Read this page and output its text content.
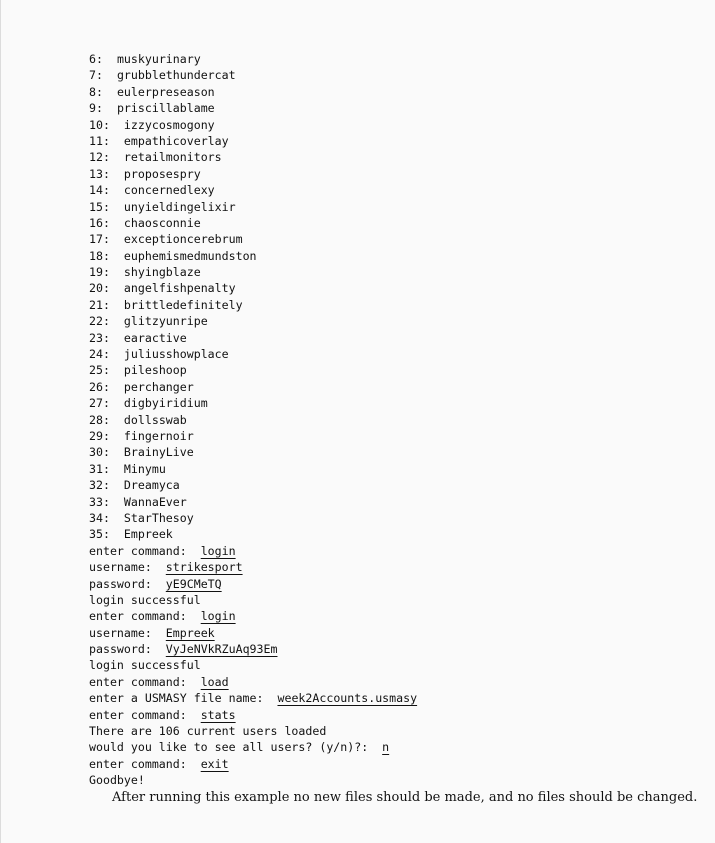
6: muskyurinary
7: grubblethundercat
8: eulerpreseason
9: priscillablame
10: izzycosmogony
11: empathicoverlay
12: retailmonitors
13: proposespry
14: concernedlexy
15: unyieldingelixir
16: chaosconnie
17: exceptioncerebrum
18: euphemismedmundston
19: shyingblaze
20: angelfishpenalty
21: brittledefinitely
22: glitzyunripe
23: earactive
24: juliusshowplace
25: pileshoop
26: perchanger
27: digbyiridium
28: dollsswab
29: fingernoir
30: BrainyLive
31: Minymu
32: Dreamyca
33: WannaEver
34: StarThesoy
35: Empreek
enter command: login
username: strikesport
password: yE9CMeTQ
login successful
enter command: login
username: Empreek
password: VyJeNVkRZuAq93Em
login successful
enter command: load
enter a USMASY file name: week2Accounts.usmasy
enter command: stats
There are 106 current users loaded
would you like to see all users? (y/n)?: n
enter command: exit
Goodbye!
After running this example no new files should be made, and no files should be changed.
